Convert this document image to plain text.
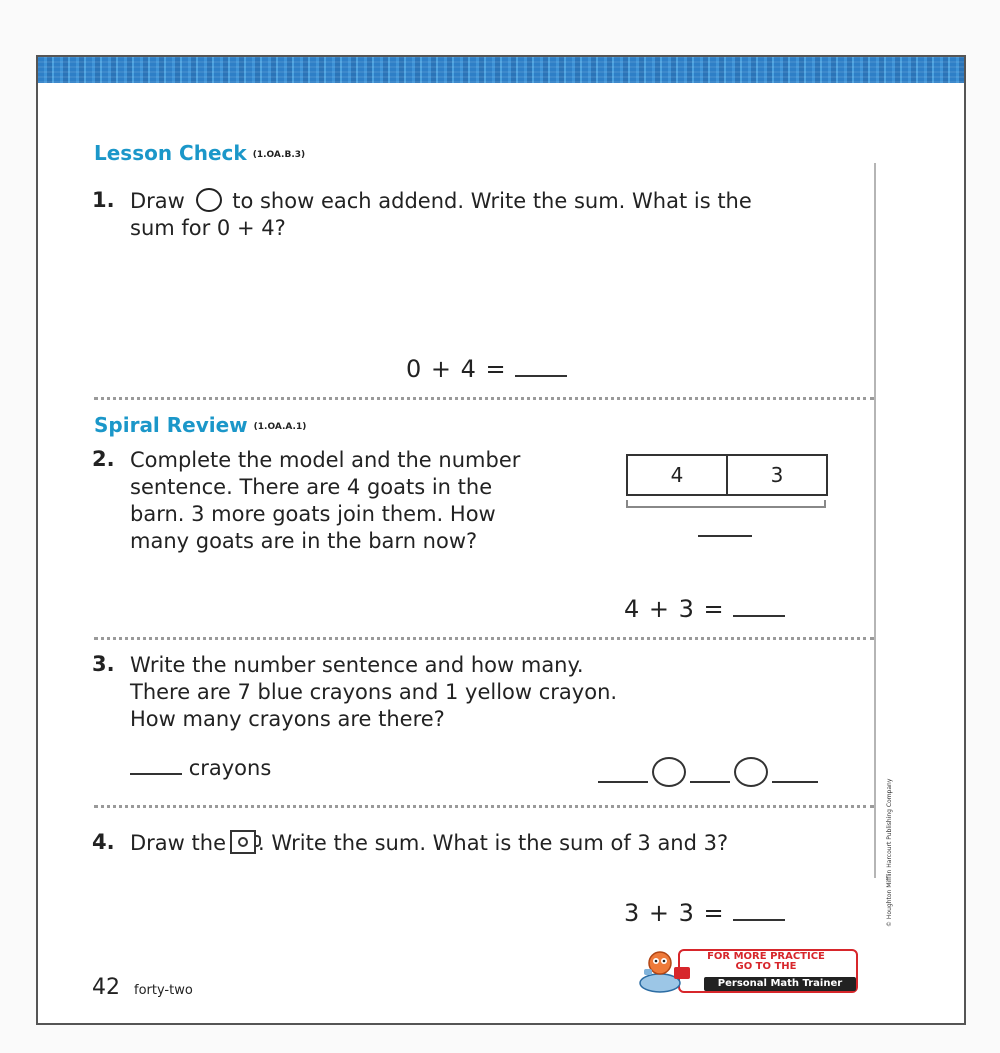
Lesson Check (1.OA.B.3)
1. Draw to show each addend. Write the sum. What is the
sum for 0 + 4?
0 + 4 =
Spiral Review (1.OA.A.1)
2. Complete the model and the number
sentence. There are 4 goats in the
barn. 3 more goats join them. How
many goats are in the barn now?
4	3
4 + 3 =
3. Write the number sentence and how many.
There are 7 blue crayons and 1 yellow crayon.
How many crayons are there?
crayons
4. Draw the . Write the sum. What is the sum of 3 and 3?
3 + 3 =	© Houghton Mifflin Harcourt Publishing Company
FOR MORE PRACTICE
GO TO THE
Personal Math Trainer
42 forty-two
